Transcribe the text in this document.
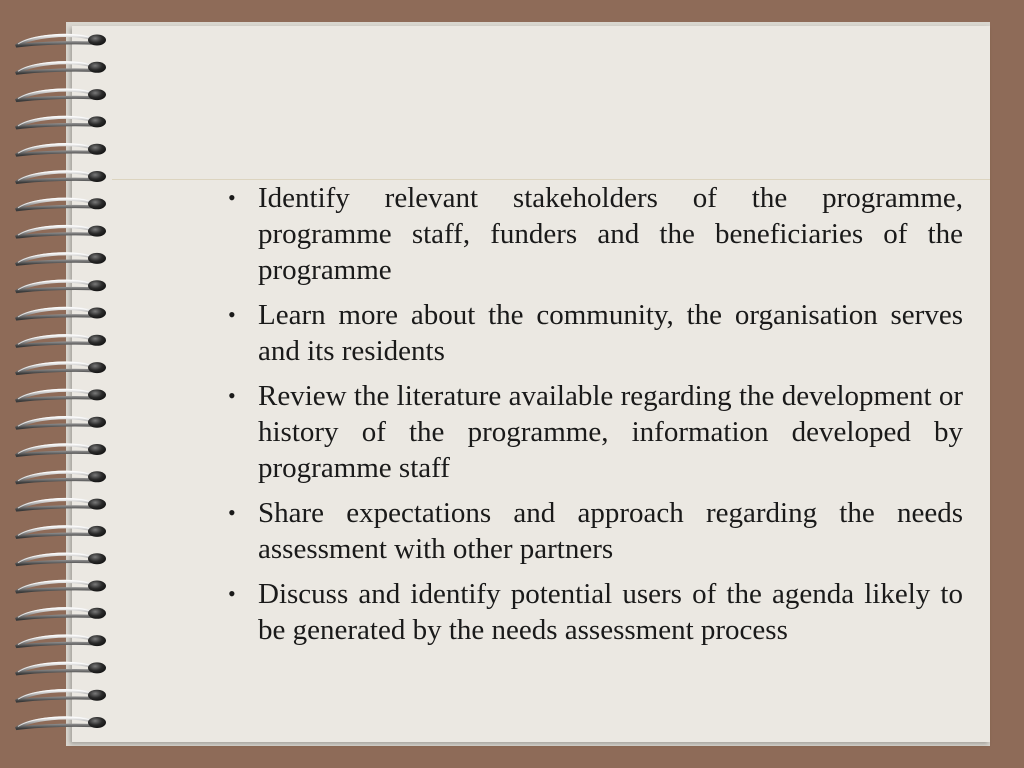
• Identify relevant stakeholders of the programme, programme staff, funders and the beneficiaries of the programme
• Learn more about the community, the organisation serves and its residents
• Review the literature available regarding the development or history of the programme, information developed by programme staff
• Share expectations and approach regarding the needs assessment with other partners
• Discuss and identify potential users of the agenda likely to be generated by the needs assessment process
